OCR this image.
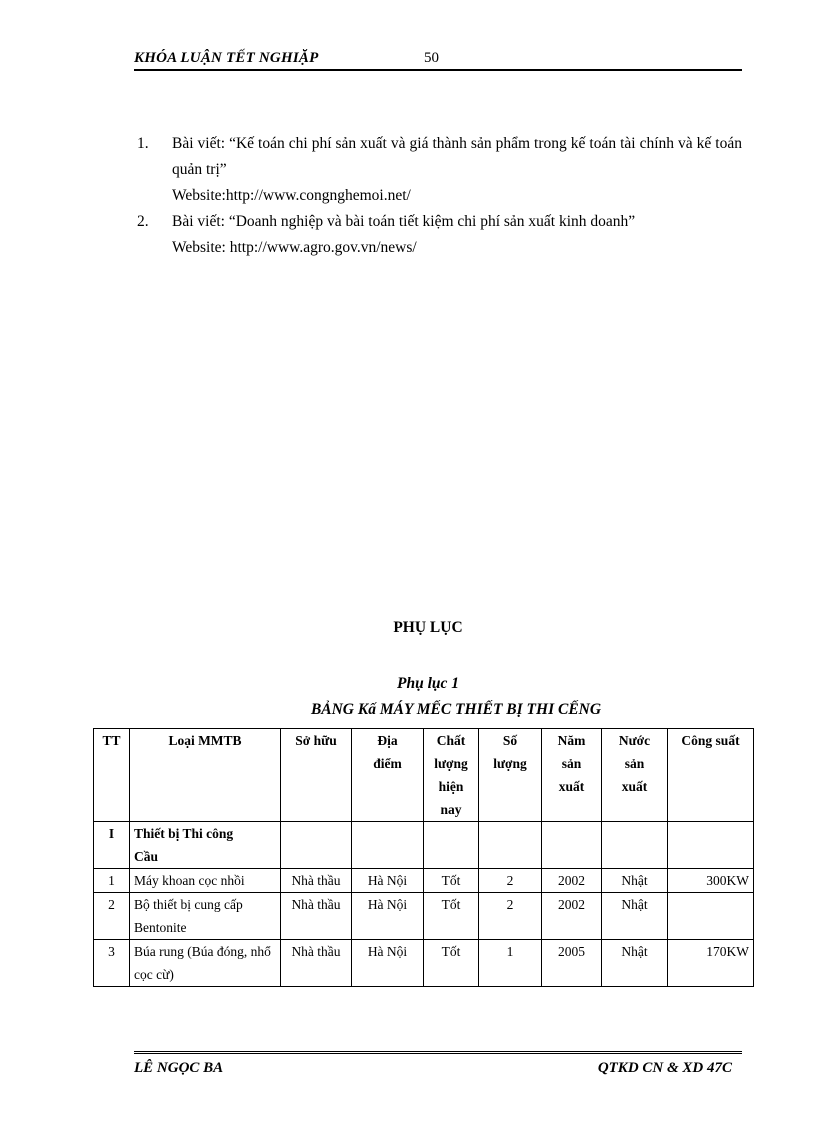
KHÓA LUẬN TẾT NGHIẶP	50
1. Bài viết: “Kế toán chi phí sản xuất và giá thành sản phẩm trong kế toán tài chính và kế toán quản trị”
Website:http://www.congnghemoi.net/
2. Bài viết: “Doanh nghiệp và bài toán tiết kiệm chi phí sản xuất kinh doanh”
Website: http://www.agro.gov.vn/news/
PHỤ LỤC
Phụ lục 1
BẢNG Kấ MÁY MẾC THIẾT BỊ THI CẾNG
TT	Loại MMTB	Sở hữu	Địa điểm	Chất lượng hiện nay	Số lượng	Năm sản xuất	Nước sản xuất	Công suất
I	Thiết bị Thi công Cầu							
1	Máy khoan cọc nhồi	Nhà thầu	Hà Nội	Tốt	2	2002	Nhật	300KW
2	Bộ thiết bị cung cấp Bentonite	Nhà thầu	Hà Nội	Tốt	2	2002	Nhật	
3	Búa rung (Búa đóng, nhổ cọc cừ)	Nhà thầu	Hà Nội	Tốt	1	2005	Nhật	170KW
LÊ NGỌC BA	QTKD CN & XD 47C
